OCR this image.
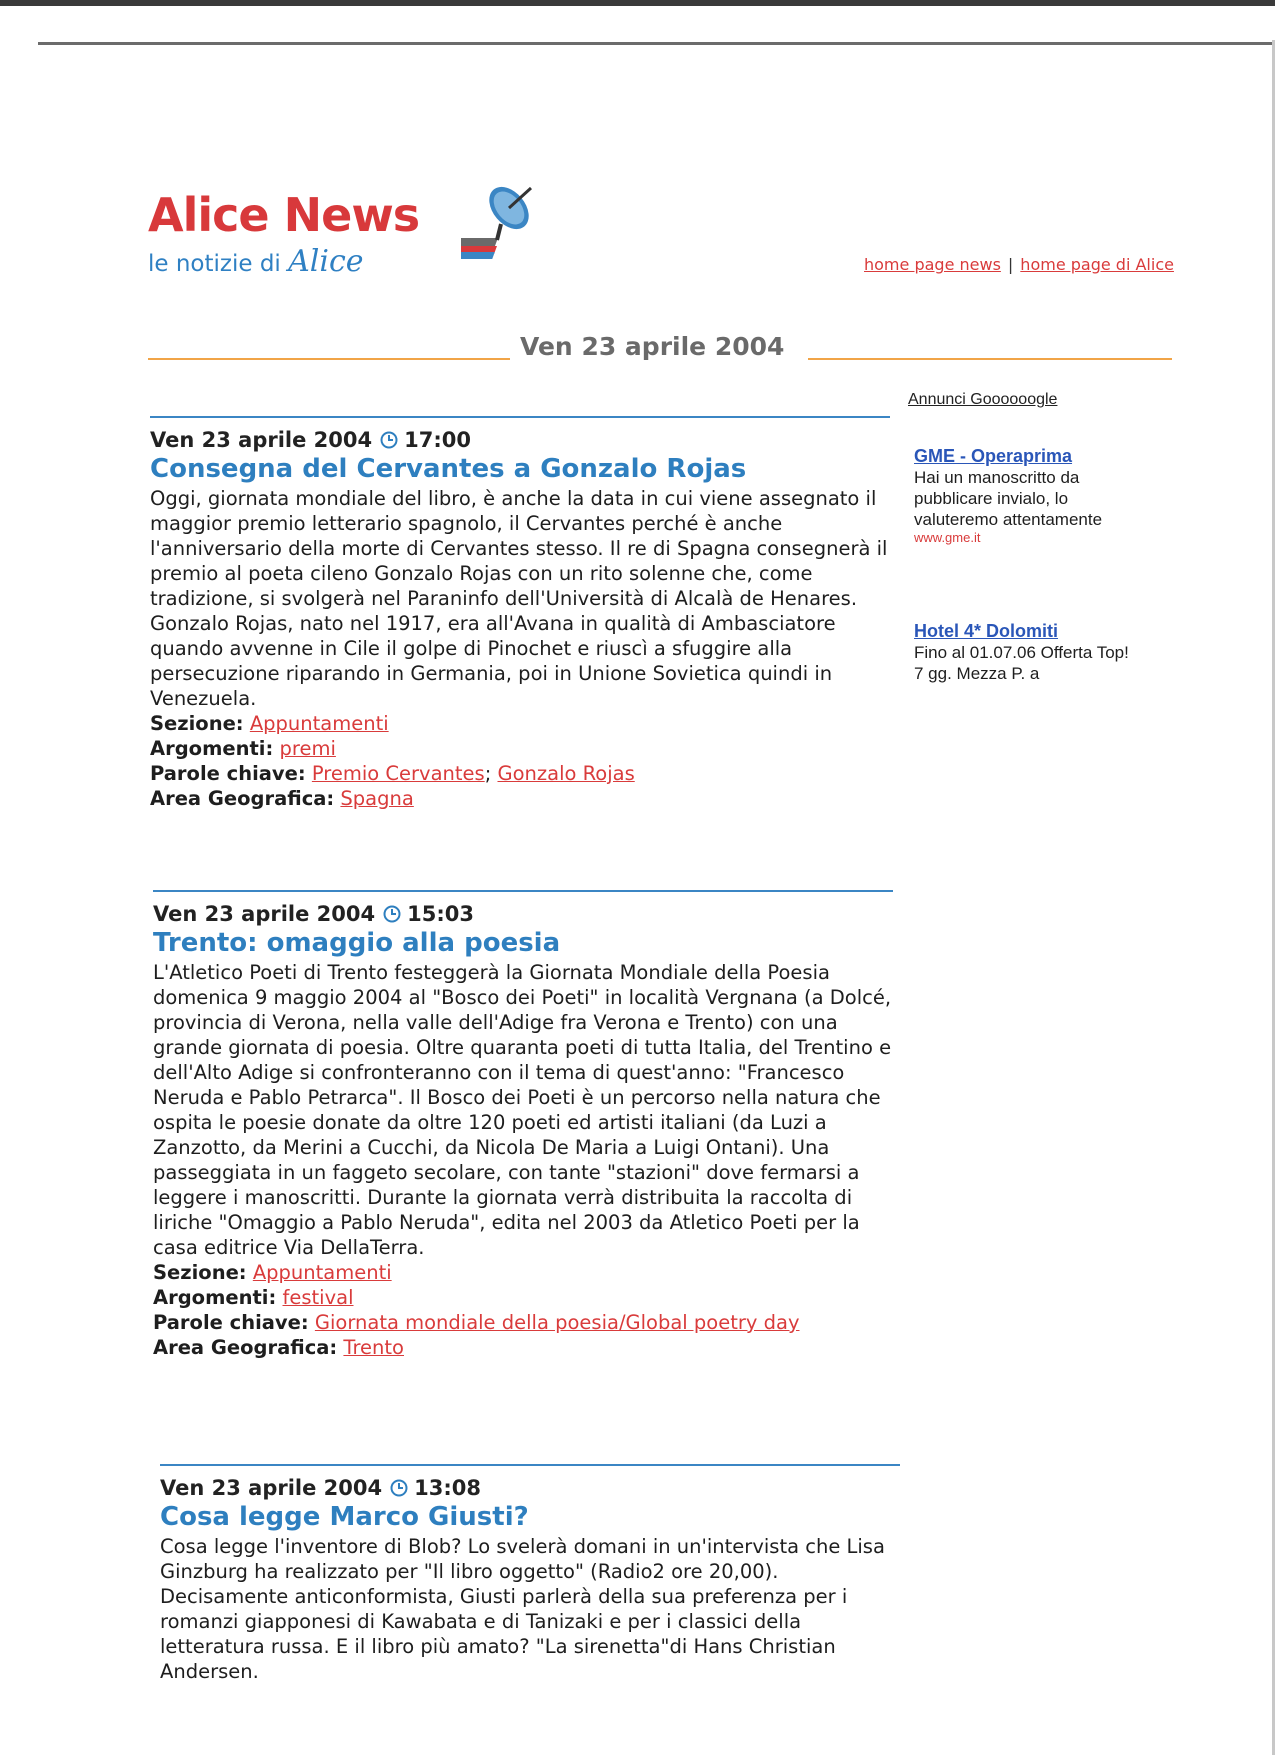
Alice News
le notizie di Alice	home page news | home page di Alice
Ven 23 aprile 2004
Annunci Goooooogle
GME - Operaprima
Hai un manoscritto da pubblicare invialo, lo valuteremo attentamente
www.gme.it
Hotel 4* Dolomiti
Fino al 01.07.06 Offerta Top! 7 gg. Mezza P. a
Ven 23 aprile 2004 17:00
Consegna del Cervantes a Gonzalo Rojas

Oggi, giornata mondiale del libro, è anche la data in cui viene assegnato il maggior premio letterario spagnolo, il Cervantes perché è anche l'anniversario della morte di Cervantes stesso. Il re di Spagna consegnerà il premio al poeta cileno Gonzalo Rojas con un rito solenne che, come tradizione, si svolgerà nel Paraninfo dell'Università di Alcalà de Henares. Gonzalo Rojas, nato nel 1917, era all'Avana in qualità di Ambasciatore quando avvenne in Cile il golpe di Pinochet e riuscì a sfuggire alla persecuzione riparando in Germania, poi in Unione Sovietica quindi in Venezuela.

Sezione: Appuntamenti
Argomenti: premi
Parole chiave: Premio Cervantes; Gonzalo Rojas
Area Geografica: Spagna
Ven 23 aprile 2004 15:03
Trento: omaggio alla poesia

L'Atletico Poeti di Trento festeggerà la Giornata Mondiale della Poesia domenica 9 maggio 2004 al "Bosco dei Poeti" in località Vergnana (a Dolcé, provincia di Verona, nella valle dell'Adige fra Verona e Trento) con una grande giornata di poesia. Oltre quaranta poeti di tutta Italia, del Trentino e dell'Alto Adige si confronteranno con il tema di quest'anno: "Francesco Neruda e Pablo Petrarca". Il Bosco dei Poeti è un percorso nella natura che ospita le poesie donate da oltre 120 poeti ed artisti italiani (da Luzi a Zanzotto, da Merini a Cucchi, da Nicola De Maria a Luigi Ontani). Una passeggiata in un faggeto secolare, con tante "stazioni" dove fermarsi a leggere i manoscritti. Durante la giornata verrà distribuita la raccolta di liriche "Omaggio a Pablo Neruda", edita nel 2003 da Atletico Poeti per la casa editrice Via DellaTerra.

Sezione: Appuntamenti
Argomenti: festival
Parole chiave: Giornata mondiale della poesia/Global poetry day
Area Geografica: Trento
Ven 23 aprile 2004 13:08
Cosa legge Marco Giusti?

Cosa legge l'inventore di Blob? Lo svelerà domani in un'intervista che Lisa Ginzburg ha realizzato per "Il libro oggetto" (Radio2 ore 20,00). Decisamente anticonformista, Giusti parlerà della sua preferenza per i romanzi giapponesi di Kawabata e di Tanizaki e per i classici della letteratura russa. E il libro più amato? "La sirenetta"di Hans Christian Andersen.
